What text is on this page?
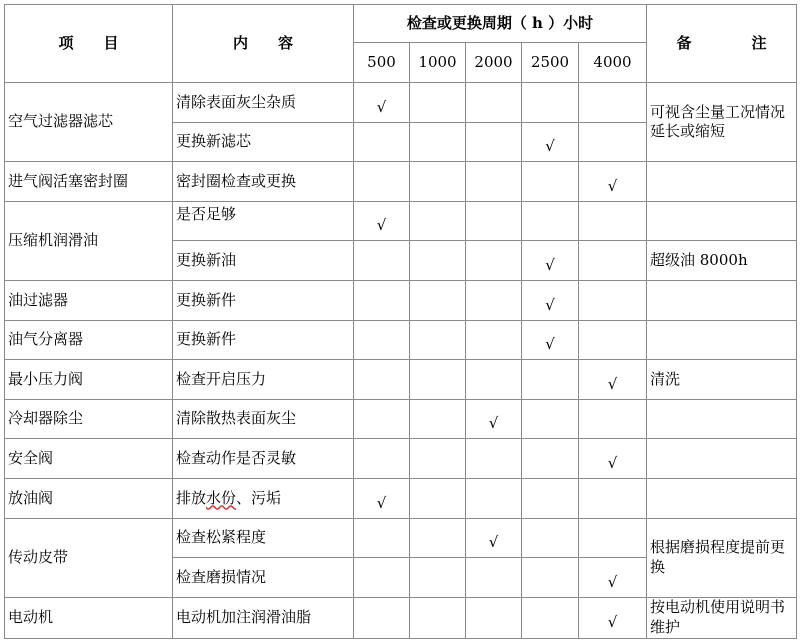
项　　目	内　　容	检查或更换周期（ h ）小时					备　　　　注
		500	1000	2000	2500	4000	
空气过滤器滤芯	清除表面灰尘杂质	√					可视含尘量工况情况延长或缩短
	更换新滤芯				√		
进气阀活塞密封圈	密封圈检查或更换					√	
压缩机润滑油	是否足够	√					
	更换新油				√		超级油 8000h
油过滤器	更换新件				√		
油气分离器	更换新件				√		
最小压力阀	检查开启压力					√	清洗
冷却器除尘	清除散热表面灰尘			√			
安全阀	检查动作是否灵敏					√	
放油阀	排放水份、污垢	√					
传动皮带	检查松紧程度			√			根据磨损程度提前更换
	检查磨损情况					√	
电动机	电动机加注润滑油脂					√	按电动机使用说明书维护
